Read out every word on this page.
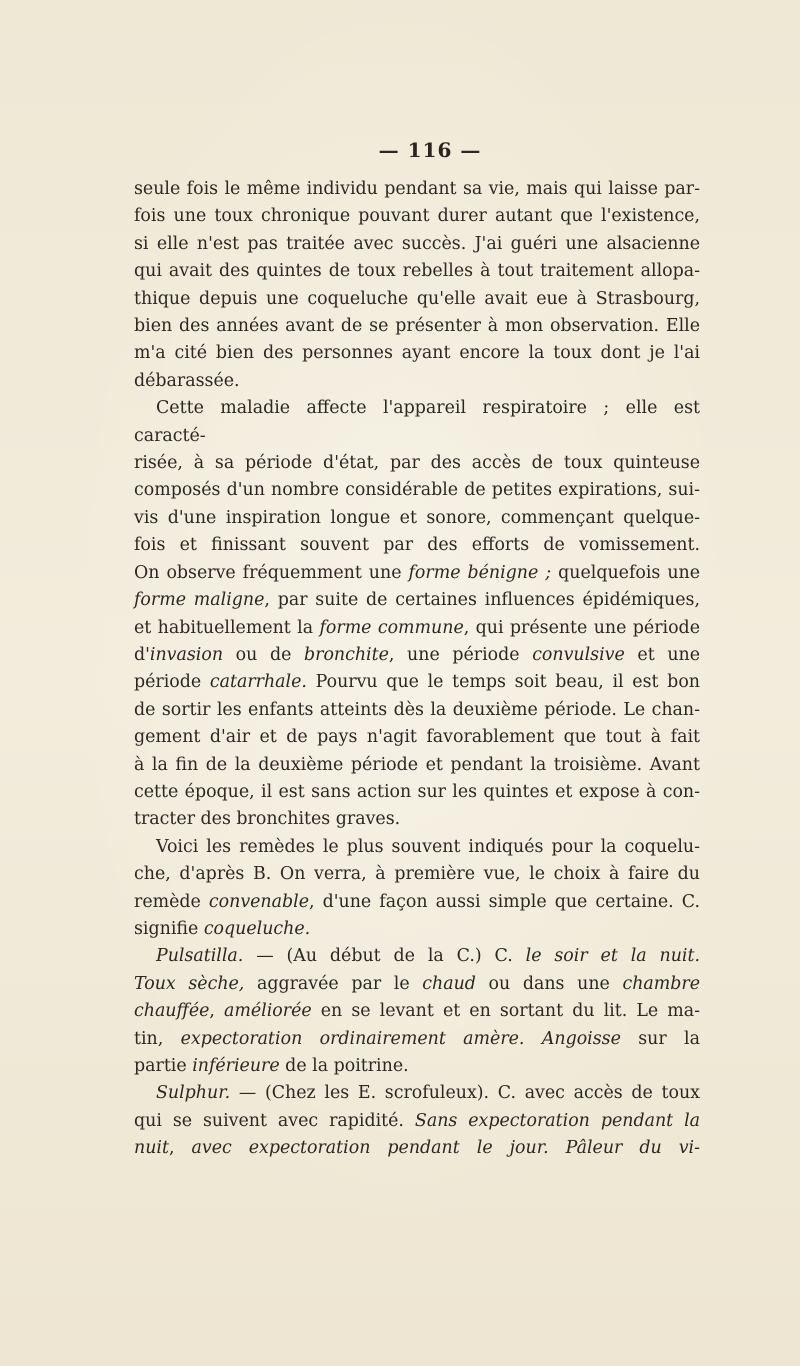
— 116 —

seule fois le même individu pendant sa vie, mais qui laisse par-

fois une toux chronique pouvant durer autant que l'existence,

si elle n'est pas traitée avec succès. J'ai guéri une alsacienne

qui avait des quintes de toux rebelles à tout traitement allopa-

thique depuis une coqueluche qu'elle avait eue à Strasbourg,

bien des années avant de se présenter à mon observation. Elle

m'a cité bien des personnes ayant encore la toux dont je l'ai

débarassée.

Cette maladie affecte l'appareil respiratoire ; elle est caracté-

risée, à sa période d'état, par des accès de toux quinteuse

composés d'un nombre considérable de petites expirations, sui-

vis d'une inspiration longue et sonore, commençant quelque-

fois et finissant souvent par des efforts de vomissement.

On observe fréquemment une forme bénigne ; quelquefois une

forme maligne, par suite de certaines influences épidémiques,

et habituellement la forme commune, qui présente une période

d'invasion ou de bronchite, une période convulsive et une

période catarrhale. Pourvu que le temps soit beau, il est bon

de sortir les enfants atteints dès la deuxième période. Le chan-

gement d'air et de pays n'agit favorablement que tout à fait

à la fin de la deuxième période et pendant la troisième. Avant

cette époque, il est sans action sur les quintes et expose à con-

tracter des bronchites graves.

Voici les remèdes le plus souvent indiqués pour la coquelu-

che, d'après B. On verra, à première vue, le choix à faire du

remède convenable, d'une façon aussi simple que certaine. C.

signifie coqueluche.

Pulsatilla. — (Au début de la C.) C. le soir et la nuit.

Toux sèche, aggravée par le chaud ou dans une chambre

chauffée, améliorée en se levant et en sortant du lit. Le ma-

tin, expectoration ordinairement amère. Angoisse sur la

partie inférieure de la poitrine.

Sulphur. — (Chez les E. scrofuleux). C. avec accès de toux

qui se suivent avec rapidité. Sans expectoration pendant la

nuit, avec expectoration pendant le jour. Pâleur du vi-
